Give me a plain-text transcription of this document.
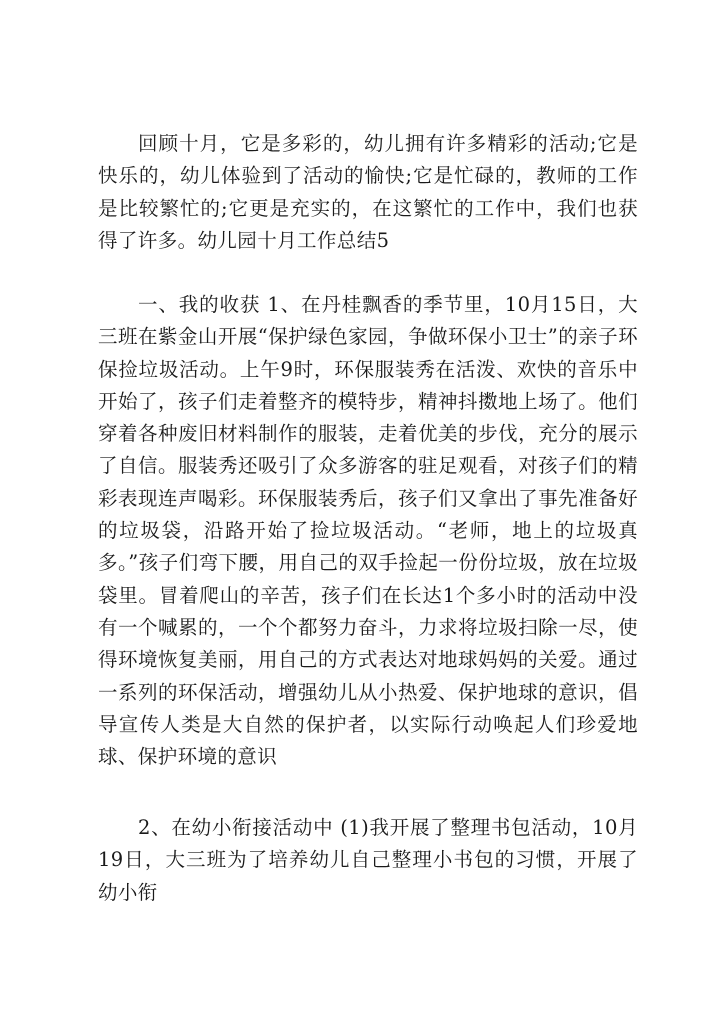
回顾十月，它是多彩的，幼儿拥有许多精彩的活动;它是快乐的，幼儿体验到了活动的愉快;它是忙碌的，教师的工作是比较繁忙的;它更是充实的，在这繁忙的工作中，我们也获得了许多。幼儿园十月工作总结5

一、我的收获 1、在丹桂飘香的季节里，10月15日，大三班在紫金山开展“保护绿色家园，争做环保小卫士”的亲子环保捡垃圾活动。上午9时，环保服装秀在活泼、欢快的音乐中开始了，孩子们走着整齐的模特步，精神抖擞地上场了。他们穿着各种废旧材料制作的服装，走着优美的步伐，充分的展示了自信。服装秀还吸引了众多游客的驻足观看，对孩子们的精彩表现连声喝彩。环保服装秀后，孩子们又拿出了事先准备好的垃圾袋，沿路开始了捡垃圾活动。“老师，地上的垃圾真多。”孩子们弯下腰，用自己的双手捡起一份份垃圾，放在垃圾袋里。冒着爬山的辛苦，孩子们在长达1个多小时的活动中没有一个喊累的，一个个都努力奋斗，力求将垃圾扫除一尽，使得环境恢复美丽，用自己的方式表达对地球妈妈的关爱。通过一系列的环保活动，增强幼儿从小热爱、保护地球的意识，倡导宣传人类是大自然的保护者，以实际行动唤起人们珍爱地球、保护环境的意识

2、在幼小衔接活动中 (1)我开展了整理书包活动，10月19日，大三班为了培养幼儿自己整理小书包的习惯，开展了幼小衔
